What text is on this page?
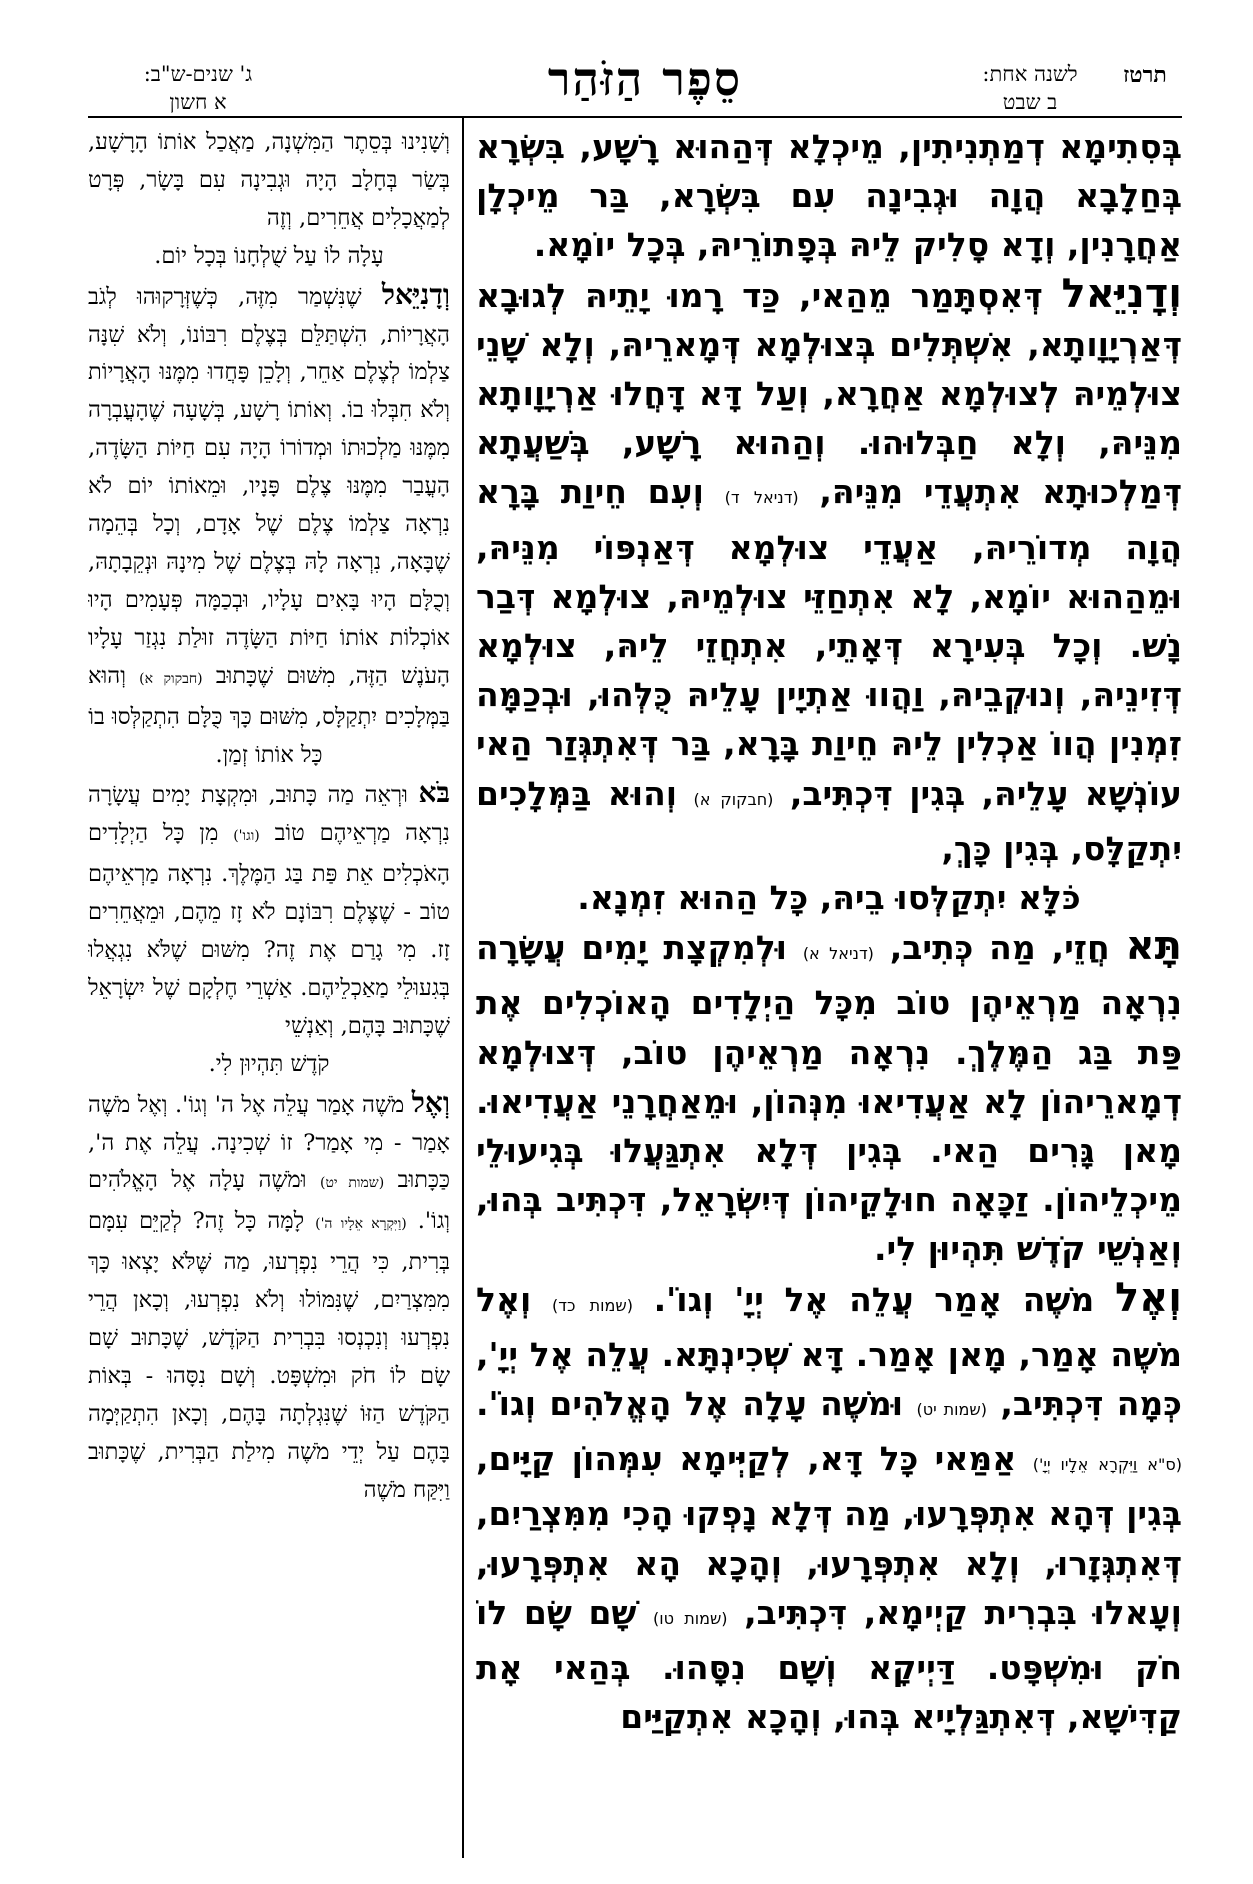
תרטז
לשנה אחת:
ב שבט
סֵפֶר הַזֹּהַר
ג' שנים-ש"ב:
א חשון

בְּסִתִימָא דְמַתְנִיתִין, מֵיכְלָא דְּהַהוּא רָשָׁע, בִּשְׂרָא בְּחַלָבָא הֲוָה וּגְבִינָה עִם בִּשְׂרָא, בַּר מֵיכְלָן אַחֲרָנִין, וְדָא סָלִיק לֵיהּ בְּפָתוֹרֵיהּ, בְּכָל יוֹמָא.

וְדָנִיֵּאל דְּאִסְתָּמַר מֵהַאי, כַּד רָמוּ יָתֵיהּ לְגוּבָא דְּאַרְיָוָותָא, אִשְׁתְּלִים בְּצוּלְמָא דְּמָארֵיהּ, וְלָא שָׁנֵי צוּלְמֵיהּ לְצוּלְמָא אַחֲרָא, וְעַל דָּא דָּחֲלוּ אַרְיָוָותָא מִנֵּיהּ, וְלָא חַבְּלוּהוּ. וְהַהוּא רָשָׁע, בְּשַׁעֲתָא דְּמַלְכוּתָא אִתְעֲדֵי מִנֵּיהּ, (דניאל ד) וְעִם חֵיוַת בָּרָא הֲוָה מְדוֹרֵיהּ, אַעֲדֵי צוּלְמָא דְּאַנְפּוֹי מִנֵּיהּ, וּמֵהַהוּא יוֹמָא, לָא אִתְחַזֵּי צוּלְמֵיהּ, צוּלְמָא דְּבַר נָשׁ. וְכָל בְּעִירָא דְּאָתֵי, אִתְחֲזֵי לֵיהּ, צוּלְמָא דְּזִינֵיהּ, וְנוּקְבֵיהּ, וַהֲווּ אַתְיָין עָלֵיהּ כֻּלְּהוּ, וּבְכַמָּה זִמְנִין הֲווֹ אַכְלִין לֵיהּ חֵיוַת בָּרָא, בַּר דְּאִתְגְּזַר הַאי עוֹנְשָׁא עָלֵיהּ, בְּגִין דִּכְתִּיב, (חבקוק א) וְהוּא בַּמְּלָכִים יִתְקַלָּס, בְּגִין כָּךְ,

כֹּלָּא יִתְקַלְּסוּ בֵיהּ, כָּל הַהוּא זִמְנָא.

תָּא חֲזֵי, מַה כְּתִיב, (דניאל א) וּלְמִקְצָת יָמִים עֲשָׂרָה נִרְאָה מַרְאֵיהֶן טוֹב מִכָּל הַיְלָדִים הָאוֹכְלִים אֶת פַּת בַּג הַמֶּלֶךְ. נִרְאָה מַרְאֵיהֶן טוֹב, דְּצוּלְמָא דְמָארֵיהוֹן לָא אַעֲדִיאוּ מִנְּהוֹן, וּמֵאַחֲרָנֵי אַעֲדִיאוּ. מָאן גָּרִים הַאי. בְּגִין דְּלָא אִתְגַּעֲלוּ בְּגִיעוּלֵי מֵיכְלֵיהוֹן. זַכָּאָה חוּלָקֵיהוֹן דְּיִשְׂרָאֵל, דִּכְתִּיב בְּהוּ, וְאַנְשֵׁי קֹדֶשׁ תִּהְיוּן לִי.

וְאֶל מֹשֶׁה אָמַר עֲלֵה אֶל יְיָ' וְגוֹ'. (שמות כד) וְאֶל מֹשֶׁה אָמַר, מָאן אָמַר. דָּא שְׁכִינְתָּא. עֲלֵה אֶל יְיָ', כְּמָה דִּכְתִּיב, (שמות יט) וּמֹשֶׁה עָלָה אֶל הָאֱלֹהִים וְגוֹ'. (ס"א וַיִּקְרָא אֵלָיו יְיָ') אַמַּאי כָּל דָּא, לְקַיְּימָא עִמְּהוֹן קַיָּים, בְּגִין דְּהָא אִתְפְּרָעוּ, מַה דְּלָא נָפְקוּ הָכִי מִמִּצְרַיִם, דְּאִתְגְּזָרוּ, וְלָא אִתְפְּרָעוּ, וְהָכָא הָא אִתְפְּרָעוּ, וְעָאלוּ בִּבְרִית קַיְימָא, דִּכְתִּיב, (שמות טו) שָׁם שָׂם לוֹ חֹק וּמִשְׁפָּט. דַּיְיקָא וְשָׁם נִסָּהוּ. בְּהַאי אָת קַדִּישָׁא, דְּאִתְגַּלְיָיא בְּהוּ, וְהָכָא אִתְקַיַּים

וְשָׁנִינוּ בְּסֵתֶר הַמִּשְׁנָה, מַאֲכַל אוֹתוֹ הָרָשָׁע, בְּשַׂר בְּחָלָב הָיָה וּגְבִינָה עִם בָּשָׂר, פְּרָט לְמַאֲכָלִים אֲחֵרִים, וְזֶה

עָלָה לוֹ עַל שֻׁלְחָנוֹ בְּכָל יוֹם.

וְדָנִיֵּאל שֶׁנִּשְׁמַר מִזֶּה, כְּשֶׁזְּרָקוּהוּ לְגֹב הָאֲרָיוֹת, הִשְׁתַּלֵּם בְּצֶלֶם רִבּוֹנוֹ, וְלֹא שִׁנָּה צַלְמוֹ לְצֶלֶם אַחֵר, וְלָכֵן פָּחֲדוּ מִמֶּנּוּ הָאֲרָיוֹת וְלֹא חִבְּלוּ בוֹ. וְאוֹתוֹ רָשָׁע, בְּשָׁעָה שֶׁהָעֳבְרָה מִמֶּנּוּ מַלְכוּתוֹ וּמְדוֹרוֹ הָיָה עִם חַיּוֹת הַשָּׂדֶה, הָעֳבַר מִמֶּנּוּ צֶלֶם פָּנָיו, וּמֵאוֹתוֹ יוֹם לֹא נִרְאָה צַלְמוֹ צֶלֶם שֶׁל אָדָם, וְכָל בְּהֵמָה שֶׁבָּאָה, נִרְאָה לָהּ בְּצֶלֶם שֶׁל מִינָהּ וּנְקֵבָתָהּ, וְכֻלָּם הָיוּ בָּאִים עָלָיו, וּבְכַמָּה פְּעָמִים הָיוּ אוֹכְלוֹת אוֹתוֹ חַיּוֹת הַשָּׂדֶה זוּלַת נִגְזַר עָלָיו הָעֹנֶשׁ הַזֶּה, מִשּׁוּם שֶׁכָּתוּב (חבקוק א) וְהוּא בַּמְּלָכִים יִתְקַלָּס, מִשּׁוּם כָּךְ כֻּלָּם הִתְקַלְּסוּ בוֹ

כָּל אוֹתוֹ זְמַן.

בֹּא וּרְאֵה מַה כָּתוּב, וּמִקְצָת יָמִים עֲשָׂרָה נִרְאָה מַרְאֵיהֶם טוֹב (וגו') מִן כָּל הַיְלָדִים הָאֹכְלִים אֵת פַּת בַּג הַמֶּלֶךְ. נִרְאָה מַרְאֵיהֶם טוֹב - שֶׁצֶּלֶם רִבּוֹנָם לֹא זָז מֵהֶם, וּמֵאֲחֵרִים זָז. מִי גָרַם אֶת זֶה? מִשּׁוּם שֶׁלֹּא נִגְאֲלוּ בְּגִעוּלֵי מַאַכְלֵיהֶם. אַשְׁרֵי חֶלְקָם שֶׁל יִשְׂרָאֵל שֶׁכָּתוּב בָּהֶם, וְאַנְשֵׁי

קֹדֶשׁ תִּהְיוּן לִי.

וְאֶל מֹשֶׁה אָמַר עֲלֵה אֶל ה' וְגוֹ'. וְאֶל מֹשֶׁה אָמַר - מִי אָמַר? זוֹ שְׁכִינָה. עֲלֵה אֶת ה', כַּכָּתוּב (שמות יט) וּמֹשֶׁה עָלָה אֶל הָאֱלֹהִים וְגוֹ'. (וַיִּקְרָא אֵלָיו ה') לָמָּה כָּל זֶה? לְקַיֵּם עִמָּם בְּרִית, כִּי הֲרֵי נִפְרְעוּ, מַה שֶּׁלֹּא יָצְאוּ כָּךְ מִמִּצְרַיִם, שֶׁנִּמּוֹלוּ וְלֹא נִפְרְעוּ, וְכָאן הֲרֵי נִפְרְעוּ וְנִכְנְסוּ בִּבְרִית הַקֹּדֶשׁ, שֶׁכָּתוּב שָׁם שָׂם לוֹ חֹק וּמִשְׁפָּט. וְשָׁם נִסָּהוּ - בְּאוֹת הַקֹּדֶשׁ הַזּוֹ שֶׁנִּגְלְתָה בָּהֶם, וְכָאן הִתְקַיְּמָה בָּהֶם עַל יְדֵי מֹשֶׁה מִילַת הַבְּרִית, שֶׁכָּתוּב וַיִּקַּח מֹשֶׁה
